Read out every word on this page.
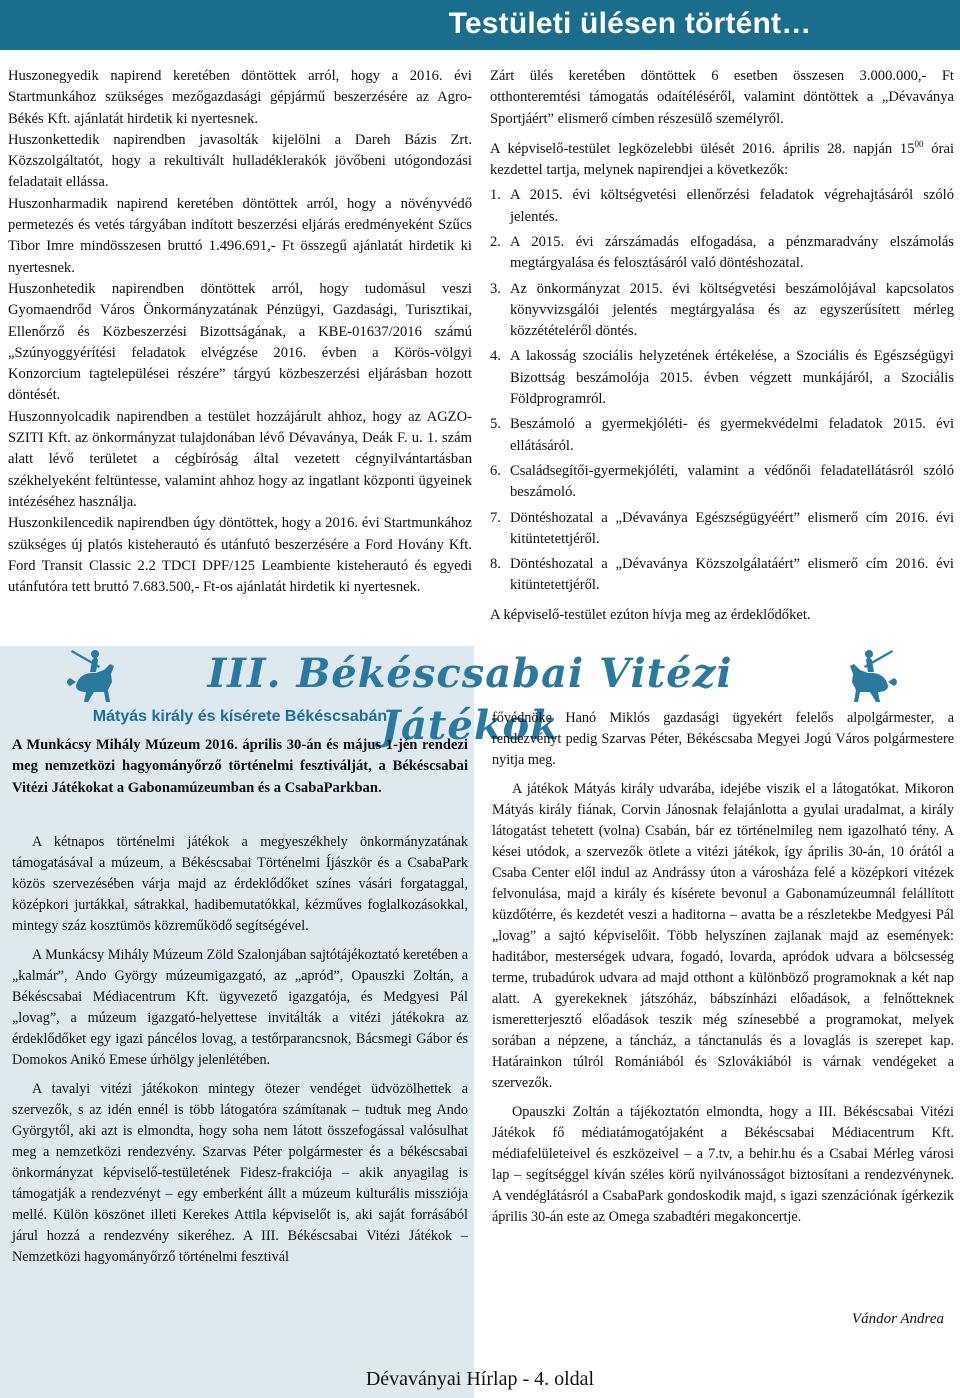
Testületi ülésen történt…

Huszonegyedik napirend keretében döntöttek arról, hogy a 2016. évi Startmunkához szükséges mezőgazdasági gépjármű beszerzésére az Agro-Békés Kft. ajánlatát hirdetik ki nyertesnek.

Huszonkettedik napirendben javasolták kijelölni a Dareh Bázis Zrt. Közszolgáltatót, hogy a rekultivált hulladéklerakók jövőbeni utógondozási feladatait ellássa.

Huszonharmadik napirend keretében döntöttek arról, hogy a növényvédő permetezés és vetés tárgyában indított beszerzési eljárás eredményeként Szűcs Tibor Imre mindösszesen bruttó 1.496.691,- Ft összegű ajánlatát hirdetik ki nyertesnek.

Huszonhetedik napirendben döntöttek arról, hogy tudomásul veszi Gyomaendrőd Város Önkormányzatának Pénzügyi, Gazdasági, Turisztikai, Ellenőrző és Közbeszerzési Bizottságának, a KBE-01637/2016 számú „Szúnyoggyérítési feladatok elvégzése 2016. évben a Körös-völgyi Konzorcium tagtelepülései részére” tárgyú közbeszerzési eljárásban hozott döntését.

Huszonnyolcadik napirendben a testület hozzájárult ahhoz, hogy az AGZO-SZITI Kft. az önkormányzat tulajdonában lévő Dévaványa, Deák F. u. 1. szám alatt lévő területet a cégbíróság által vezetett cégnyilvántartásban székhelyeként feltüntesse, valamint ahhoz hogy az ingatlant központi ügyeinek intézéséhez használja.

Huszonkilencedik napirendben úgy döntöttek, hogy a 2016. évi Startmunkához szükséges új platós kisteherautó és utánfutó beszerzésére a Ford Hovány Kft. Ford Transit Classic 2.2 TDCI DPF/125 Leambiente kisteherautó és egyedi utánfutóra tett bruttó 7.683.500,- Ft-os ajánlatát hirdetik ki nyertesnek.

Zárt ülés keretében döntöttek 6 esetben összesen 3.000.000,- Ft otthonteremtési támogatás odaítéléséről, valamint döntöttek a „Dévaványa Sportjáért” elismerő címben részesülő személyről.

A képviselő-testület legközelebbi ülését 2016. április 28. napján $15^{00}$ órai kezdettel tartja, melynek napirendjei a következők:

1. A 2015. évi költségvetési ellenőrzési feladatok végrehajtásáról szóló jelentés.
2. A 2015. évi zárszámadás elfogadása, a pénzmaradvány elszámolás megtárgyalása és felosztásáról való döntéshozatal.
3. Az önkormányzat 2015. évi költségvetési beszámolójával kapcsolatos könyvvizsgálói jelentés megtárgyalása és az egyszerűsített mérleg közzétételéről döntés.
4. A lakosság szociális helyzetének értékelése, a Szociális és Egészségügyi Bizottság beszámolója 2015. évben végzett munkájáról, a Szociális Földprogramról.
5. Beszámoló a gyermekjóléti- és gyermekvédelmi feladatok 2015. évi ellátásáról.
6. Családsegítői-gyermekjóléti, valamint a védőnői feladatellátásról szóló beszámoló.
7. Döntéshozatal a „Dévaványa Egészségügyéért” elismerő cím 2016. évi kitüntetettjéről.
8. Döntéshozatal a „Dévaványa Közszolgálatáért” elismerő cím 2016. évi kitüntetettjéről.

A képviselő-testület ezúton hívja meg az érdeklődőket.

III. Békéscsabai Vitézi Játékok
Mátyás király és kísérete Békéscsabán
A Munkácsy Mihály Múzeum 2016. április 30-án és május 1-jén rendezi meg nemzetközi hagyományőrző történelmi fesztiválját, a Békéscsabai Vitézi Játékokat a Gabonamúzeumban és a CsabaParkban.

A kétnapos történelmi játékok a megyeszékhely önkormányzatának támogatásával a múzeum, a Békéscsabai Történelmi Íjászkör és a CsabaPark közös szervezésében várja majd az érdeklődőket színes vásári forgataggal, középkori jurtákkal, sátrakkal, hadibemutatókkal, kézműves foglalkozásokkal, mintegy száz kosztümös közreműködő segítségével.

A Munkácsy Mihály Múzeum Zöld Szalonjában sajtótájékoztató keretében a „kalmár”, Ando György múzeumigazgató, az „apród”, Opauszki Zoltán, a Békéscsabai Médiacentrum Kft. ügyvezető igazgatója, és Medgyesi Pál „lovag”, a múzeum igazgató-helyettese invitálták a vitézi játékokra az érdeklődőket egy igazi páncélos lovag, a testőrparancsnok, Bácsmegi Gábor és Domokos Anikó Emese úrhölgy jelenlétében.

A tavalyi vitézi játékokon mintegy ötezer vendéget üdvözölhettek a szervezők, s az idén ennél is több látogatóra számítanak – tudtuk meg Ando Györgytől, aki azt is elmondta, hogy soha nem látott összefogással valósulhat meg a nemzetközi rendezvény. Szarvas Péter polgármester és a békéscsabai önkormányzat képviselő-testületének Fidesz-frakciója – akik anyagilag is támogatják a rendezvényt – egy emberként állt a múzeum kulturális missziója mellé. Külön köszönet illeti Kerekes Attila képviselőt is, aki saját forrásából járul hozzá a rendezvény sikeréhez. A III. Békéscsabai Vitézi Játékok – Nemzetközi hagyományőrző történelmi fesztivál

fővédnöke Hanó Miklós gazdasági ügyekért felelős alpolgármester, a rendezvényt pedig Szarvas Péter, Békéscsaba Megyei Jogú Város polgármestere nyitja meg.

A játékok Mátyás király udvarába, idejébe viszik el a látogatókat. Mikoron Mátyás király fiának, Corvin Jánosnak felajánlotta a gyulai uradalmat, a király látogatást tehetett (volna) Csabán, bár ez történelmileg nem igazolható tény. A kései utódok, a szervezők ötlete a vitézi játékok, így április 30-án, 10 órától a Csaba Center elől indul az Andrássy úton a városháza felé a középkori vitézek felvonulása, majd a király és kísérete bevonul a Gabonamúzeumnál felállított küzdőtérre, és kezdetét veszi a haditorna – avatta be a részletekbe Medgyesi Pál „lovag” a sajtó képviselőit. Több helyszínen zajlanak majd az események: haditábor, mesterségek udvara, fogadó, lovarda, apródok udvara a bölcsesség terme, trubadúrok udvara ad majd otthont a különböző programoknak a két nap alatt. A gyerekeknek játszóház, bábszínházi előadások, a felnőtteknek ismeretterjesztő előadások teszik még színesebbé a programokat, melyek sorában a népzene, a táncház, a tánctanulás és a lovaglás is szerepet kap. Határainkon túlról Romániából és Szlovákiából is várnak vendégeket a szervezők.

Opauszki Zoltán a tájékoztatón elmondta, hogy a III. Békéscsabai Vitézi Játékok fő médiatámogatójaként a Békéscsabai Médiacentrum Kft. médiafelületeivel és eszközeivel – a 7.tv, a behir.hu és a Csabai Mérleg városi lap – segítséggel kíván széles körű nyilvánosságot biztosítani a rendezvénynek. A vendéglátásról a CsabaPark gondoskodik majd, s igazi szenzációnak ígérkezik április 30-án este az Omega szabadtéri megakoncertje.

Vándor Andrea
Dévaványai Hírlap - 4. oldal
